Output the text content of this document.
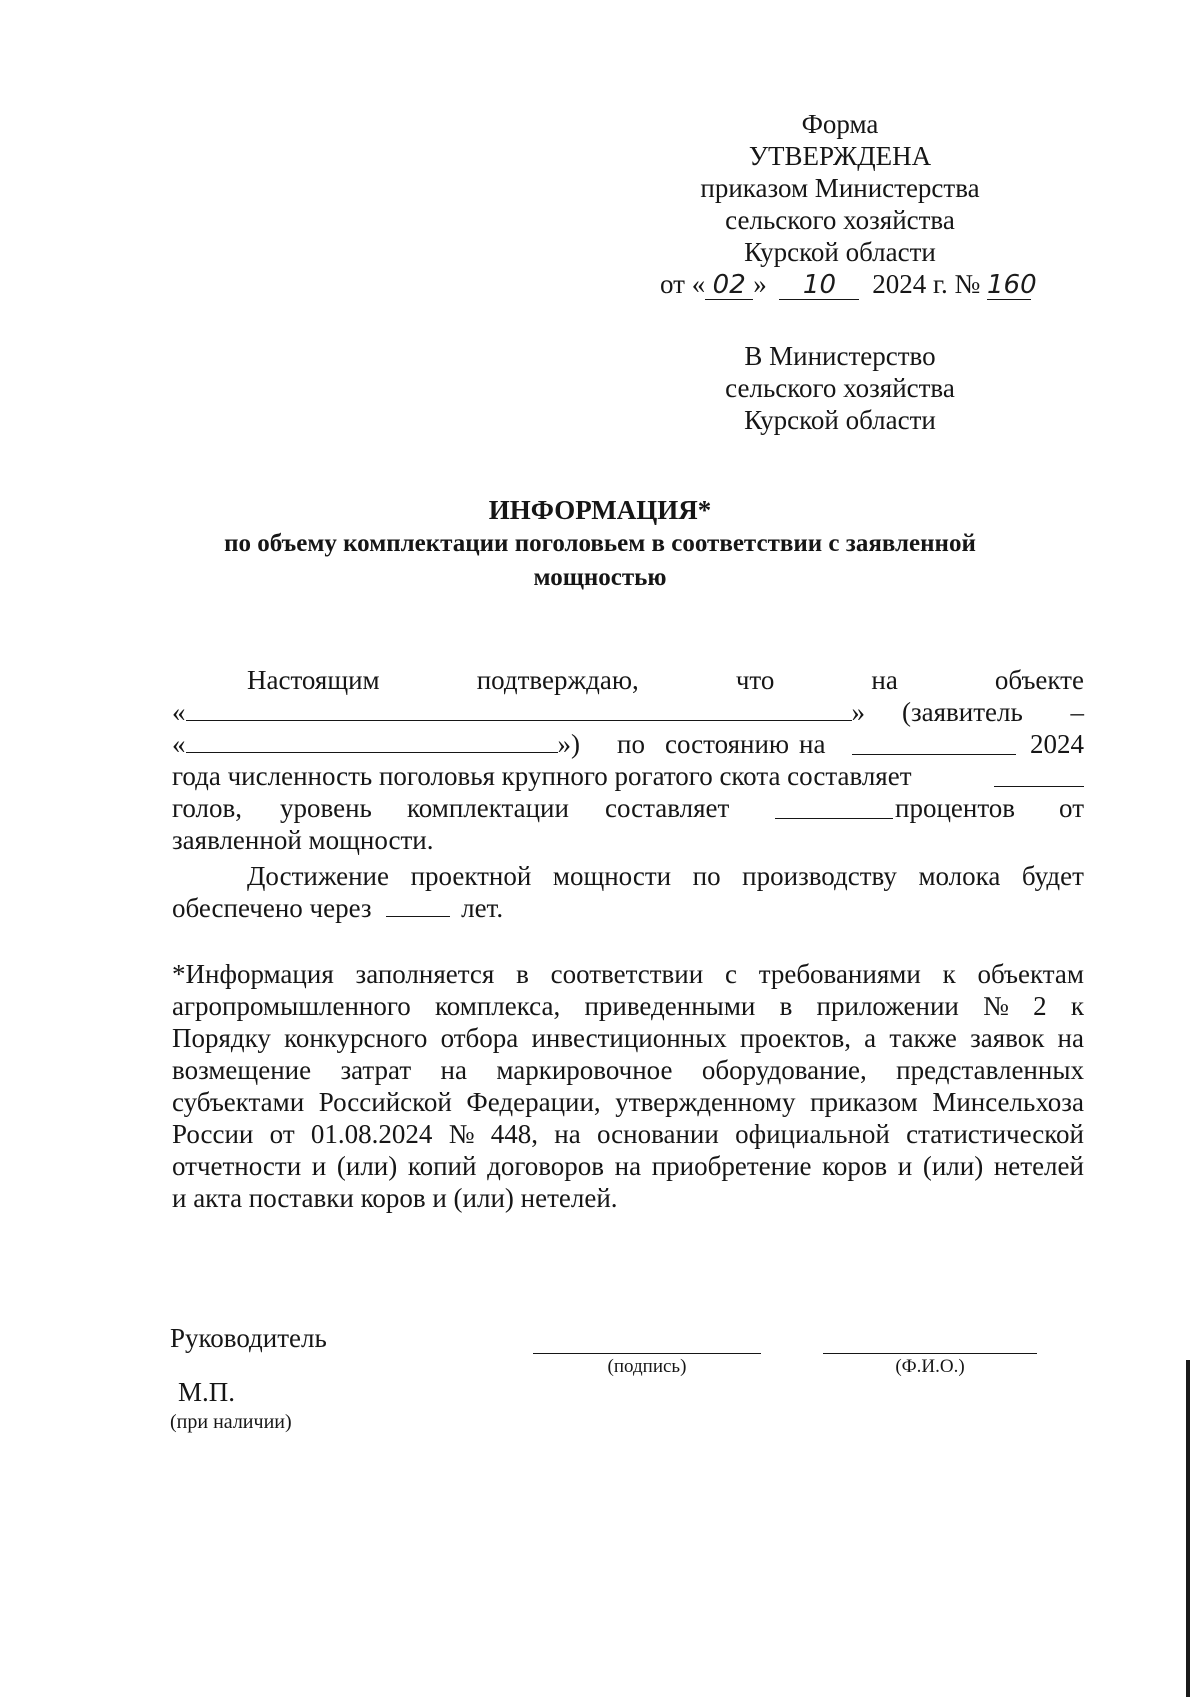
Форма
УТВЕРЖДЕНА
приказом Министерства
сельского хозяйства
Курской области
от « 02 » 10 2024 г. № 160
В Министерство
сельского хозяйства
Курской области
ИНФОРМАЦИЯ*
по объему комплектации поголовьем в соответствии с заявленной
мощностью
Настоящим	подтверждаю,	что	на	объекте
«	» (заявитель –
«	») по состоянию на	2024
года численность поголовья крупного рогатого скота составляет
голов, уровень комплектации составляет	процентов от
заявленной мощности.
Достижение проектной мощности по производству молока будет
обеспечено через	лет.
*Информация заполняется в соответствии с требованиями к объектам
агропромышленного комплекса, приведенными в приложении № 2 к
Порядку конкурсного отбора инвестиционных проектов, а также заявок на
возмещение затрат на маркировочное оборудование, представленных
субъектами Российской Федерации, утвержденному приказом Минсельхоза
России от 01.08.2024 № 448, на основании официальной статистической
отчетности и (или) копий договоров на приобретение коров и (или) нетелей
и акта поставки коров и (или) нетелей.
Руководитель
(подпись)	(Ф.И.О.)
М.П.
(при наличии)
